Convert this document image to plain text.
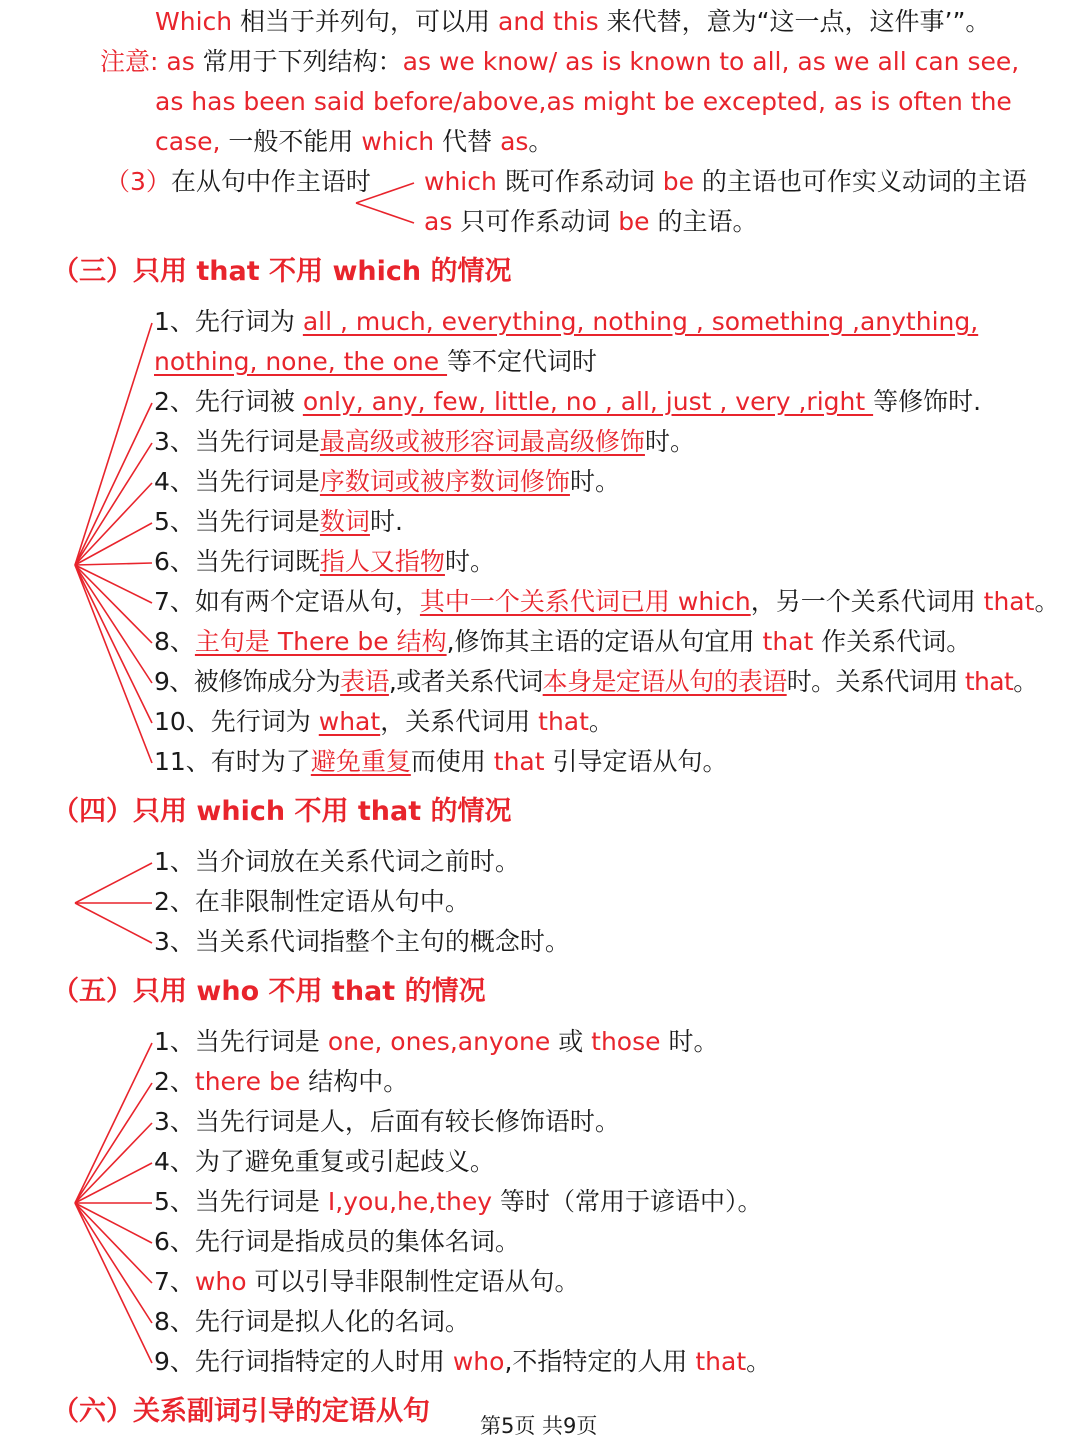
Which 相当于并列句，可以用 and this 来代替，意为“这一点，这件事’”。
注意: as 常用于下列结构：as we know/ as is known to all, as we all can see,
as has been said before/above,as might be excepted, as is often the
case, 一般不能用 which 代替 as。
（3）在从句中作主语时 which 既可作系动词 be 的主语也可作实义动词的主语
as 只可作系动词 be 的主语。
（三）只用 that 不用 which 的情况
1、先行词为 all , much, everything, nothing , something ,anything,
nothing, none, the one 等不定代词时
2、先行词被 only, any, few, little, no , all, just , very ,right 等修饰时.
3、当先行词是最高级或被形容词最高级修饰时。
4、当先行词是序数词或被序数词修饰时。
5、当先行词是数词时.
6、当先行词既指人又指物时。
7、如有两个定语从句，其中一个关系代词已用 which，另一个关系代词用 that。
8、主句是 There be 结构,修饰其主语的定语从句宜用 that 作关系代词。
9、被修饰成分为表语,或者关系代词本身是定语从句的表语时。关系代词用 that。
10、先行词为 what，关系代词用 that。
11、有时为了避免重复而使用 that 引导定语从句。
（四）只用 which 不用 that 的情况
1、当介词放在关系代词之前时。
2、在非限制性定语从句中。
3、当关系代词指整个主句的概念时。
（五）只用 who 不用 that 的情况
1、当先行词是 one, ones,anyone 或 those 时。
2、there be 结构中。
3、当先行词是人，后面有较长修饰语时。
4、为了避免重复或引起歧义。
5、当先行词是 I,you,he,they 等时（常用于谚语中）。
6、先行词是指成员的集体名词。
7、who 可以引导非限制性定语从句。
8、先行词是拟人化的名词。
9、先行词指特定的人时用 who,不指特定的人用 that。
（六）关系副词引导的定语从句 第5页 共9页
